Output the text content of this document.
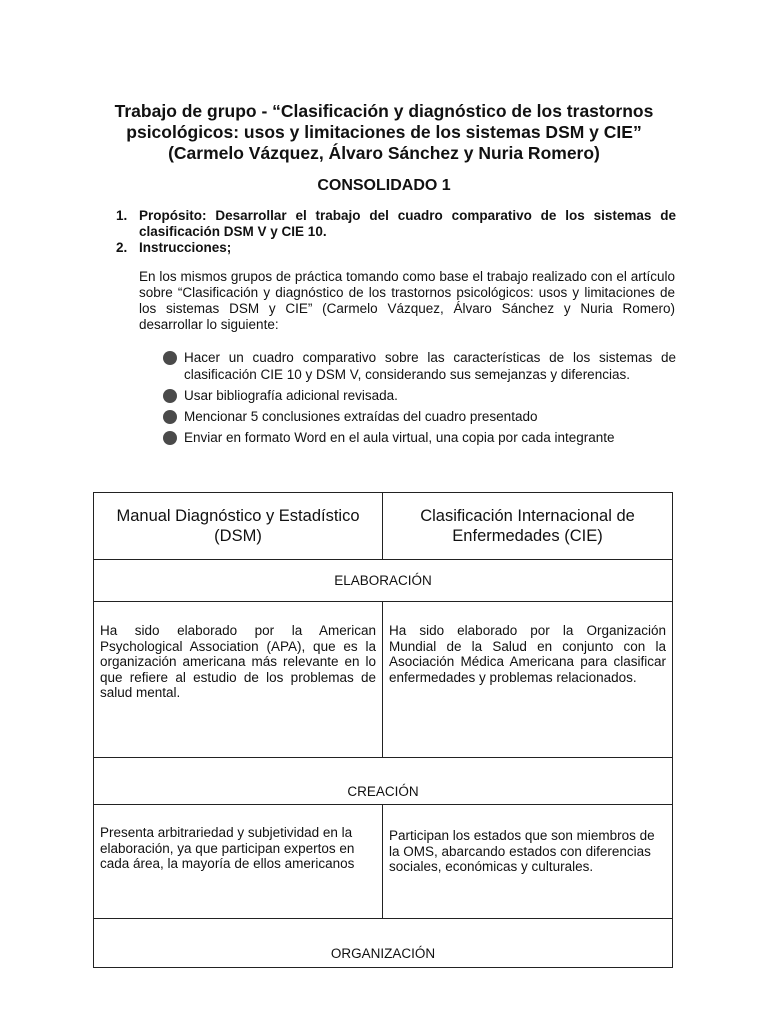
Trabajo de grupo - “Clasificación y diagnóstico de los trastornos
psicológicos: usos y limitaciones de los sistemas DSM y CIE”
(Carmelo Vázquez, Álvaro Sánchez y Nuria Romero)
CONSOLIDADO 1
1. Propósito: Desarrollar el trabajo del cuadro comparativo de los sistemas de clasificación DSM V y CIE 10.
2. Instrucciones;
En los mismos grupos de práctica tomando como base el trabajo realizado con el artículo sobre “Clasificación y diagnóstico de los trastornos psicológicos: usos y limitaciones de los sistemas DSM y CIE” (Carmelo Vázquez, Álvaro Sánchez y Nuria Romero) desarrollar lo siguiente:
Hacer un cuadro comparativo sobre las características de los sistemas de clasificación CIE 10 y DSM V, considerando sus semejanzas y diferencias.
Usar bibliografía adicional revisada.
Mencionar 5 conclusiones extraídas del cuadro presentado
Enviar en formato Word en el aula virtual, una copia por cada integrante
Manual Diagnóstico y Estadístico (DSM)	Clasificación Internacional de Enfermedades (CIE)
ELABORACIÓN	
Ha sido elaborado por la American Psychological Association (APA), que es la organización americana más relevante en lo que refiere al estudio de los problemas de salud mental.	Ha sido elaborado por la Organización Mundial de la Salud en conjunto con la Asociación Médica Americana para clasificar enfermedades y problemas relacionados.
CREACIÓN	
Presenta arbitrariedad y subjetividad en la elaboración, ya que participan expertos en cada área, la mayoría de ellos americanos	Participan los estados que son miembros de la OMS, abarcando estados con diferencias sociales, económicas y culturales.
ORGANIZACIÓN	
